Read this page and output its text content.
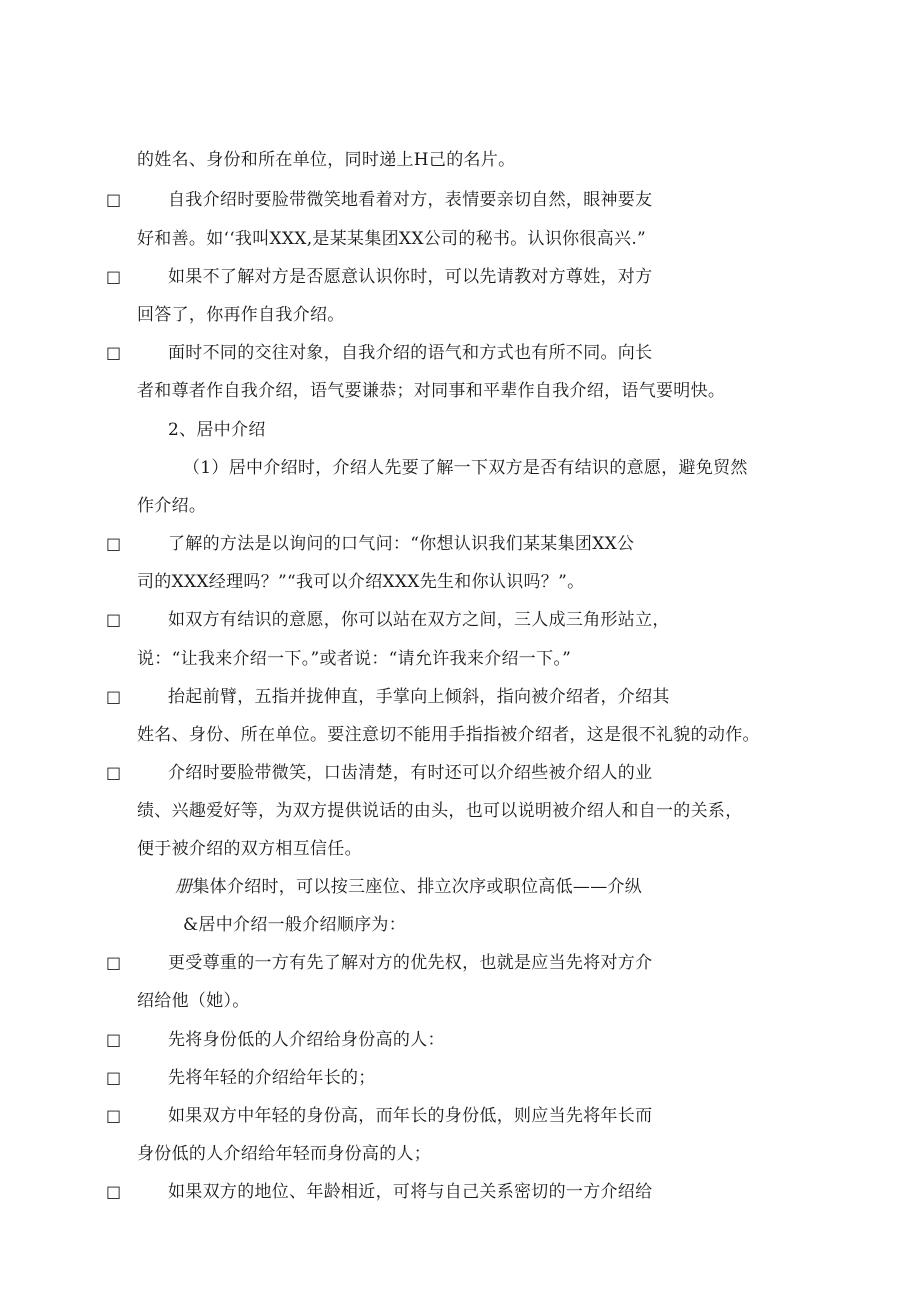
的姓名、身份和所在单位，同时递上H己的名片。
□	自我介绍时要脸带微笑地看着对方，表情要亲切自然，眼神要友
好和善。如‘‘我叫XXX,是某某集团XX公司的秘书。认识你很高兴.”
□	如果不了解对方是否愿意认识你时，可以先请教对方尊姓，对方
回答了，你再作自我介绍。
□	面时不同的交往对象，自我介绍的语气和方式也有所不同。向长
者和尊者作自我介绍，语气要谦恭；对同事和平辈作自我介绍，语气要明快。
2、居中介绍
（1）居中介绍时，介绍人先要了解一下双方是否有结识的意愿，避免贸然
作介绍。
□	了解的方法是以询问的口气问：“你想认识我们某某集团XX公
司的XXX经理吗？”“我可以介绍XXX先生和你认识吗？”。
□	如双方有结识的意愿，你可以站在双方之间，三人成三角形站立，
说：“让我来介绍一下。”或者说：“请允许我来介绍一下。”
□	抬起前臂，五指并拢伸直，手掌向上倾斜，指向被介绍者，介绍其
姓名、身份、所在单位。要注意切不能用手指指被介绍者，这是很不礼貌的动作。
□	介绍时要脸带微笑，口齿清楚，有时还可以介绍些被介绍人的业
绩、兴趣爱好等，为双方提供说话的由头，也可以说明被介绍人和自一的关系，
便于被介绍的双方相互信任。
册集体介绍时，可以按三座位、排立次序或职位高低——介纵
&居中介绍一般介绍顺序为：
□	更受尊重的一方有先了解对方的优先权，也就是应当先将对方介
绍给他（她）。
□	先将身份低的人介绍给身份高的人：
□	先将年轻的介绍给年长的；
□	如果双方中年轻的身份高，而年长的身份低，则应当先将年长而
身份低的人介绍给年轻而身份高的人；
□	如果双方的地位、年龄相近，可将与自己关系密切的一方介绍给
